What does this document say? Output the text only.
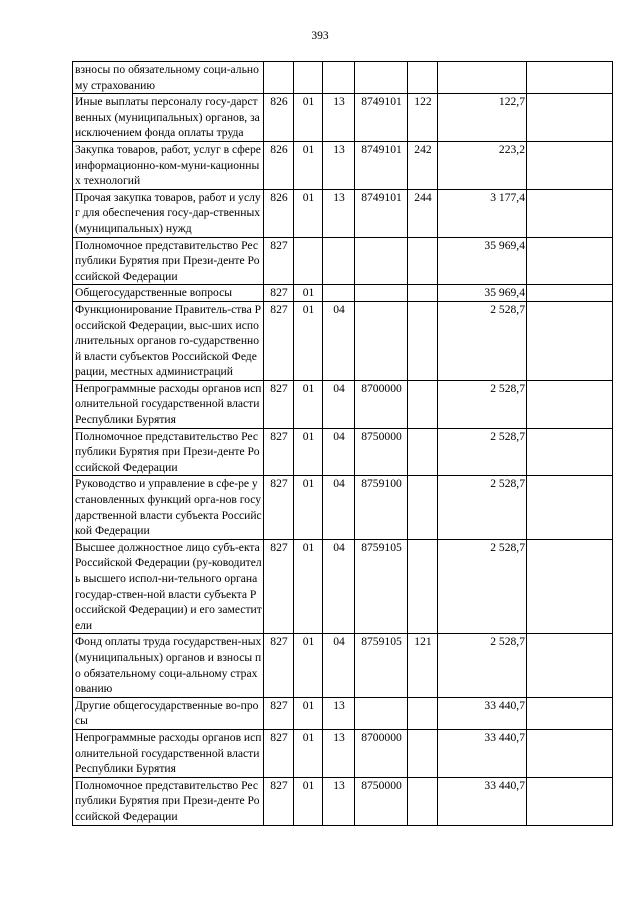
393
взносы по обязательному соци-альному страхованию							
Иные выплаты персоналу госу-дарственных (муниципальных) органов, за исключением фонда оплаты труда	826	01	13	8749101	122	122,7	
Закупка товаров, работ, услуг в сфере информационно-ком-муни-кационных технологий	826	01	13	8749101	242	223,2	
Прочая закупка товаров, работ и услуг для обеспечения госу-дар-ственных (муниципальных) нужд	826	01	13	8749101	244	3 177,4	
Полномочное представительство Республики Бурятия при Прези-денте Российской Федерации	827					35 969,4	
Общегосударственные вопросы	827	01				35 969,4	
Функционирование Правитель-ства Российской Федерации, выс-ших исполнительных органов го-сударственной власти субъектов Российской Федерации, местных администраций	827	01	04			2 528,7	
Непрограммные расходы органов исполнительной государственной власти Республики Бурятия	827	01	04	8700000		2 528,7	
Полномочное представительство Республики Бурятия при Прези-денте Российской Федерации	827	01	04	8750000		2 528,7	
Руководство и управление в сфе-ре установленных функций орга-нов государственной власти субъекта Российской Федерации	827	01	04	8759100		2 528,7	
Высшее должностное лицо субъ-екта Российской Федерации (ру-ководитель высшего испол-ни-тельного органа государ-ствен-ной власти субъекта Российской Федерации) и его заместители	827	01	04	8759105		2 528,7	
Фонд оплаты труда государствен-ных (муниципальных) органов и взносы по обязательному соци-альному страхованию	827	01	04	8759105	121	2 528,7	
Другие общегосударственные во-просы	827	01	13			33 440,7	
Непрограммные расходы органов исполнительной государственной власти Республики Бурятия	827	01	13	8700000		33 440,7	
Полномочное представительство Республики Бурятия при Прези-денте Российской Федерации	827	01	13	8750000		33 440,7	
